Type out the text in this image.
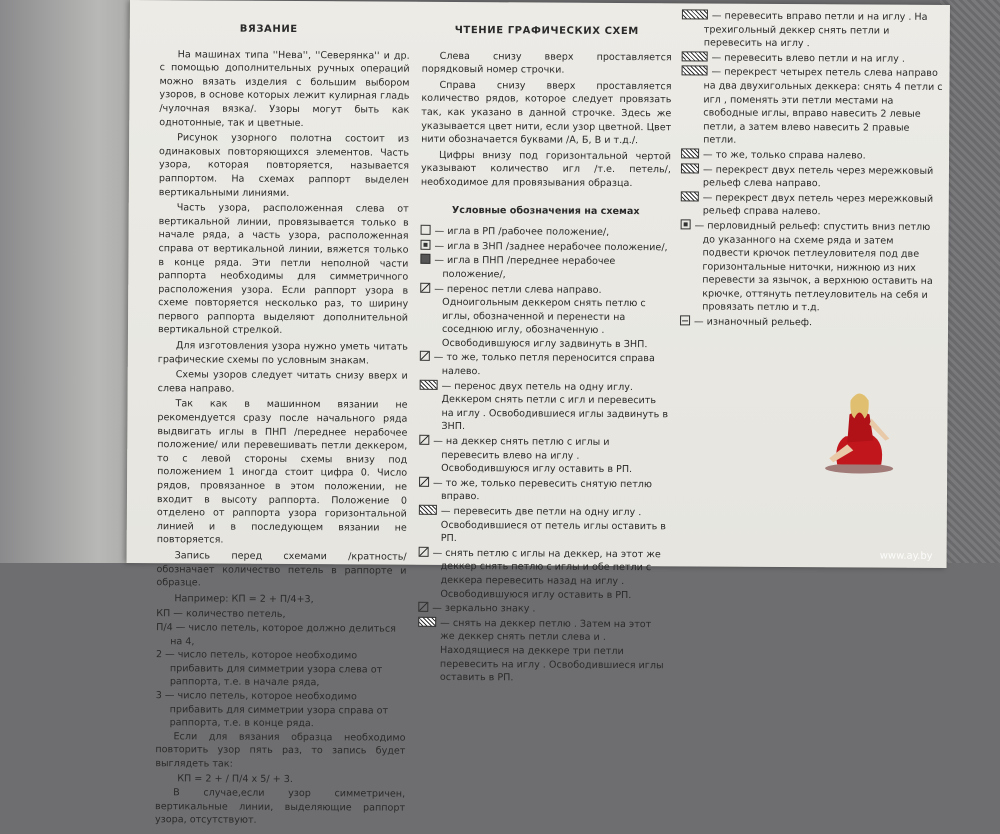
ВЯЗАНИЕ

На машинах типа ''Нева'', ''Северянка'' и др. с помощью дополнительных ручных операций можно вязать изделия с большим выбором узоров, в основе которых лежит кулирная гладь /чулочная вязка/. Узоры могут быть как однотонные, так и цветные.

Рисунок узорного полотна состоит из одинаковых повторяющихся элементов. Часть узора, которая повторяется, называется раппортом. На схемах раппорт выделен вертикальными линиями.

Часть узора, расположенная слева от вертикальной линии, провязывается только в начале ряда, а часть узора, расположенная справа от вертикальной линии, вяжется только в конце ряда. Эти петли неполной части раппорта необходимы для симметричного расположения узора. Если раппорт узора в схеме повторяется несколько раз, то ширину первого раппорта выделяют дополнительной вертикальной стрелкой.

Для изготовления узора нужно уметь читать графические схемы по условным знакам.

Схемы узоров следует читать снизу вверх и слева направо.

Так как в машинном вязании не рекомендуется сразу после начального ряда выдвигать иглы в ПНП /переднее нерабочее положение/ или перевешивать петли деккером, то с левой стороны схемы внизу под положением 1 иногда стоит цифра 0. Число рядов, провязанное в этом положении, не входит в высоту раппорта. Положение 0 отделено от раппорта узора горизонтальной линией и в последующем вязании не повторяется.

Запись перед схемами /кратность/ обозначает количество петель в раппорте и образце.

Например: КП = 2 + П/4+3,

КП — количество петель,

П/4 — число петель, которое должно делиться на 4,

2 — число петель, которое необходимо прибавить для симметрии узора слева от раппорта, т.е. в начале ряда,

3 — число петель, которое необходимо прибавить для симметрии узора справа от раппорта, т.е. в конце ряда.

Если для вязания образца необходимо повторить узор пять раз, то запись будет выглядеть так:

КП = 2 + / П/4 х 5/ + 3.

В случае,если узор симметричен, вертикальные линии, выделяющие раппорт узора, отсутствуют.

ЧТЕНИЕ ГРАФИЧЕСКИХ СХЕМ

Слева снизу вверх проставляется порядковый номер строчки.

Справа снизу вверх проставляется количество рядов, которое следует провязать так, как указано в данной строчке. Здесь же указывается цвет нити, если узор цветной. Цвет нити обозначается буквами /А, Б, В и т.д./.

Цифры внизу под горизонтальной чертой указывают количество игл /т.е. петель/, необходимое для провязывания образца.

Условные обозначения на схемах

— игла в РП /рабочее положение/,

— игла в ЗНП /заднее нерабочее положение/,

— игла в ПНП /переднее нерабочее положение/,

— перенос петли слева направо. Одноигольным деккером снять петлю с иглы, обозначенной и перенести на соседнюю иглу, обозначенную . Освободившуюся иглу задвинуть в ЗНП.

— то же, только петля переносится справа налево.

— перенос двух петель на одну иглу. Деккером снять петли с игл и перевесить на иглу . Освободившиеся иглы задвинуть в ЗНП.

— на деккер снять петлю с иглы и перевесить влево на иглу . Освободившуюся иглу оставить в РП.

— то же, только перевесить снятую петлю вправо.

— перевесить две петли на одну иглу . Освободившиеся от петель иглы оставить в РП.

— снять петлю с иглы на деккер, на этот же деккер снять петлю с иглы и обе петли с деккера перевесить назад на иглу . Освободившуюся иглу оставить в РП.

— зеркально знаку .

— снять на деккер петлю . Затем на этот же деккер снять петли слева и . Находящиеся на деккере три петли перевесить на иглу . Освободившиеся иглы оставить в РП.

— перевесить вправо петли и на иглу . На трехигольный деккер снять петли и перевесить на иглу .

— перевесить влево петли и на иглу .

— перекрест четырех петель слева направо на два двухигольных деккера: снять 4 петли с игл , поменять эти петли местами на свободные иглы, вправо навесить 2 левые петли, а затем влево навесить 2 правые петли.

— то же, только справа налево.

— перекрест двух петель через мережковый рельеф слева направо.

— перекрест двух петель через мережковый рельеф справа налево.

— перловидный рельеф: спустить вниз петлю до указанного на схеме ряда и затем подвести крючок петлеуловителя под две горизонтальные ниточки, нижнюю из них перевести за язычок, а верхнюю оставить на крючке, оттянуть петлеуловитель на себя и провязать петлю и т.д.

— изнаночный рельеф.

www.ay.by
